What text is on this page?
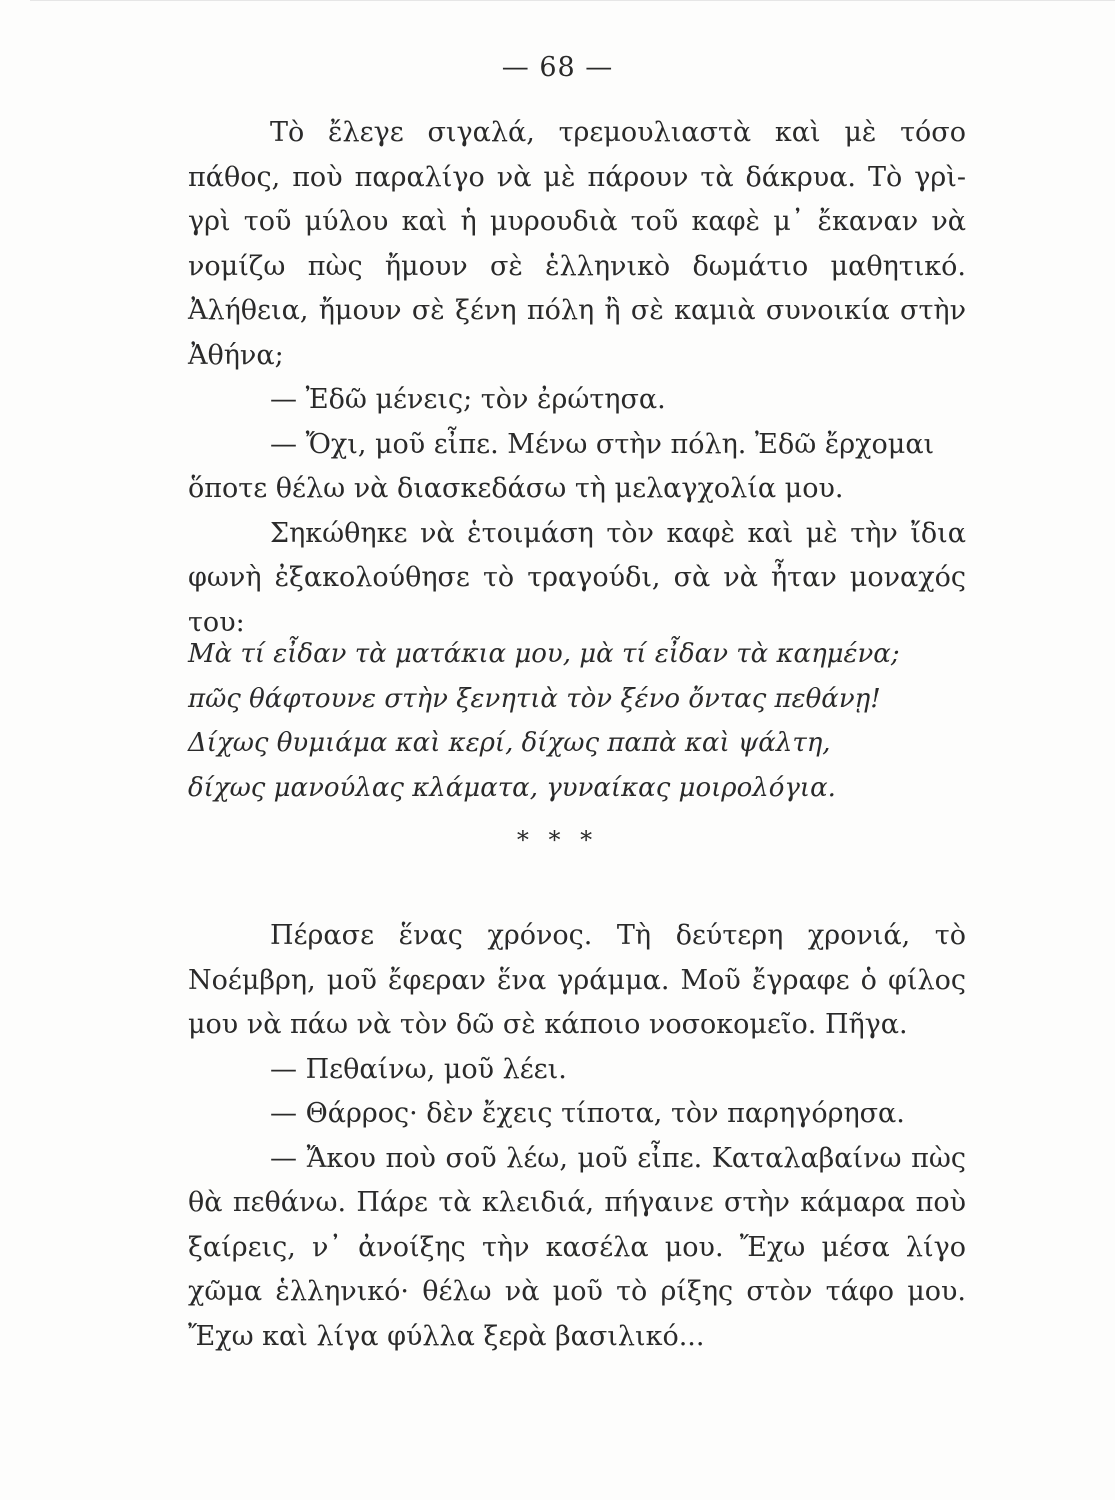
— 68 —

Τὸ ἔλεγε σιγαλά, τρεμουλιαστὰ καὶ μὲ τόσο πάθος, ποὺ παραλίγο νὰ μὲ πάρουν τὰ δάκρυα. Τὸ γρὶ-γρὶ τοῦ μύλου καὶ ἡ μυρουδιὰ τοῦ καφὲ μ᾽ ἔκαναν νὰ νομίζω πὼς ἤμουν σὲ ἑλληνικὸ δωμάτιο μαθητικό. Ἀλήθεια, ἤμουν σὲ ξένη πόλη ἢ σὲ καμιὰ συνοικία στὴν Ἀθήνα;

— Ἐδῶ μένεις; τὸν ἐρώτησα.

— Ὄχι, μοῦ εἶπε. Μένω στὴν πόλη. Ἐδῶ ἔρχομαι ὅποτε θέλω νὰ διασκεδάσω τὴ μελαγχολία μου.

Σηκώθηκε νὰ ἑτοιμάση τὸν καφὲ καὶ μὲ τὴν ἴδια φωνὴ ἐξακολούθησε τὸ τραγούδι, σὰ νὰ ἦταν μοναχός του:

Μὰ τί εἶδαν τὰ ματάκια μου, μὰ τί εἶδαν τὰ καημένα;

πῶς θάφτουνε στὴν ξενητιὰ τὸν ξένο ὄντας πεθάνῃ!

Δίχως θυμιάμα καὶ κερί, δίχως παπὰ καὶ ψάλτη,

δίχως μανούλας κλάματα, γυναίκας μοιρολόγια.

* * *

Πέρασε ἕνας χρόνος. Τὴ δεύτερη χρονιά, τὸ Νοέμβρη, μοῦ ἔφεραν ἕνα γράμμα. Μοῦ ἔγραφε ὁ φίλος μου νὰ πάω νὰ τὸν δῶ σὲ κάποιο νοσοκομεῖο. Πῆγα.

— Πεθαίνω, μοῦ λέει.

— Θάρρος· δὲν ἔχεις τίποτα, τὸν παρηγόρησα.

— Ἄκου ποὺ σοῦ λέω, μοῦ εἶπε. Καταλαβαίνω πὼς θὰ πεθάνω. Πάρε τὰ κλειδιά, πήγαινε στὴν κάμαρα ποὺ ξαίρεις, ν᾽ ἀνοίξης τὴν κασέλα μου. Ἔχω μέσα λίγο χῶμα ἑλληνικό· θέλω νὰ μοῦ τὸ ρίξης στὸν τάφο μου. Ἔχω καὶ λίγα φύλλα ξερὰ βασιλικό...
